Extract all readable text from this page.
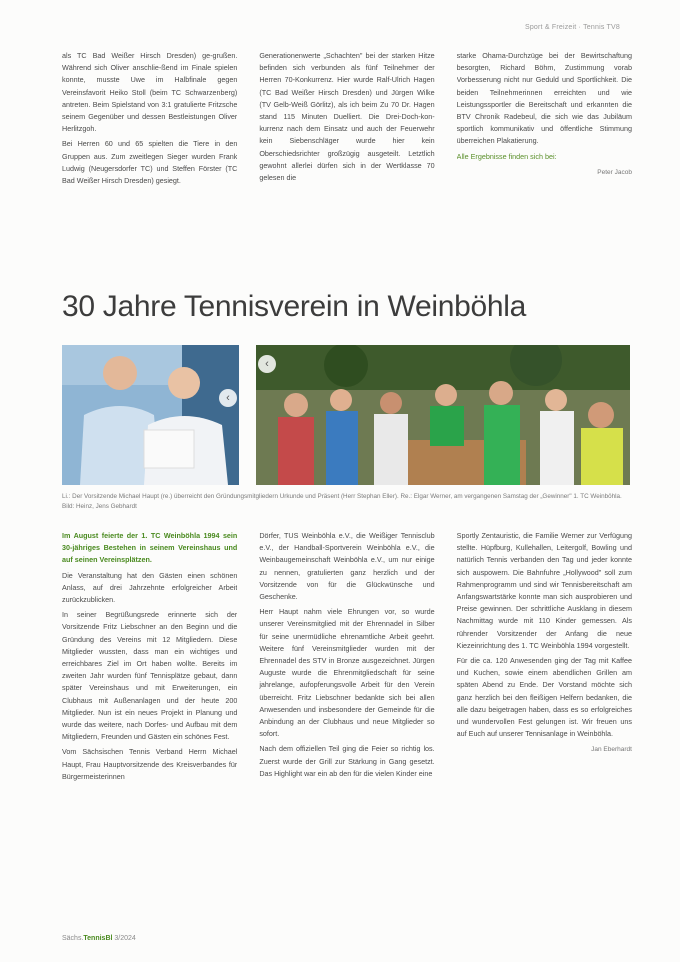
Sport & Freizeit · Tennis TV8

als TC Bad Weißer Hirsch Dresden) ge-grußen. Während sich Oliver anschlie-ßend im Finale spielen konnte, musste Uwe im Halbfinale gegen Vereinsfavorit Heiko Stoll (beim TC Schwarzenberg) antreten. Beim Spielstand von 3:1 gratulierte Fritzsche seinem Gegenüber und dessen Bestleistungen Oliver Herlitzgoh.

Bei Herren 60 und 65 spielten die Tiere in den Gruppen aus. Zum zweitlegen Sieger wurden Frank Ludwig (Neugersdorfer TC) und Steffen Förster (TC Bad Weißer Hirsch Dresden) gesiegt.

Generationenwerte „Schachten" bei der starken Hitze befinden sich verbunden als fünf Teilnehmer der Herren 70-Konkurrenz. Hier wurde Ralf-Ulrich Hagen (TC Bad Weißer Hirsch Dresden) und Jürgen Wilke (TV Gelb-Weiß Görlitz), als ich beim Zu 70 Dr. Hagen stand 115 Minuten Duelliert. Die Drei-Doch-kon-kurrenz nach dem Einsatz und auch der Feuerwehr kein Siebenschläger wurde hier kein Oberschiedsrichter großzügig ausgeteilt. Letztlich gewohnt allerlei dürfen sich in der Wertklasse 70 gelesen die

starke Ohama-Durchzüge bei der Bewirtschaftung besorgten, Richard Böhm, Zustimmung vorab Vorbesserung nicht nur Geduld und Sportlichkeit. Die beiden Teilnehmerinnen erreichten und wie Leistungssportler die Bereitschaft und erkannten die BTV Chronik Radebeul, die sich wie das Jubiläum sportlich kommunikativ und öffentliche Stimmung überreichen Plakatierung.

Alle Ergebnisse finden sich bei:

Peter Jacob
30 Jahre Tennisverein in Weinböhla
‹
‹
Li.: Der Vorsitzende Michael Haupt (re.) überreicht den Gründungsmitgliedern Urkunde und Präsent (Herr Stephan Eller). Re.: Elgar Werner, am vergangenen Samstag der „Gewinner" 1. TC Weinböhla. Bild: Heinz, Jens Gebhardt

Im August feierte der 1. TC Weinböhla 1994 sein 30-jähriges Bestehen in seinem Vereinshaus und auf seinen Vereinsplätzen.

Die Veranstaltung hat den Gästen einen schönen Anlass, auf drei Jahrzehnte erfolgreicher Arbeit zurückzublicken.

In seiner Begrüßungsrede erinnerte sich der Vorsitzende Fritz Liebschner an den Beginn und die Gründung des Vereins mit 12 Mitgliedern. Diese Mitglieder wussten, dass man ein wichtiges und erreichbares Ziel im Ort haben wollte. Bereits im zweiten Jahr wurden fünf Tennisplätze gebaut, dann später Vereinshaus und mit Erweiterungen, ein Clubhaus mit Außenanlagen und der heute 200 Mitglieder. Nun ist ein neues Projekt in Planung und wurde das weitere, nach Dorfes- und Aufbau mit dem Mitgliedern, Freunden und Gästen ein schönes Fest.

Vom Sächsischen Tennis Verband Herrn Michael Haupt, Frau Hauptvorsitzende des Kreisverbandes für Bürgermeisterinnen

Dörfer, TUS Weinböhla e.V., die Weißiger Tennisclub e.V., der Handball-Sportverein Weinböhla e.V., die Weinbaugemeinschaft Weinböhla e.V., um nur einige zu nennen, gratulierten ganz herzlich und der Vorsitzende von für die Glückwünsche und Geschenke.

Herr Haupt nahm viele Ehrungen vor, so wurde unserer Vereinsmitglied mit der Ehrennadel in Silber für seine unermüdliche ehrenamtliche Arbeit geehrt. Weitere fünf Vereinsmitglieder wurden mit der Ehrennadel des STV in Bronze ausgezeichnet. Jürgen Auguste wurde die Ehrenmitgliedschaft für seine jahrelange, aufopferungsvolle Arbeit für den Verein überreicht. Fritz Liebschner bedankte sich bei allen Anwesenden und insbesondere der Gemeinde für die Anbindung an der Clubhaus und neue Mitglieder so sofort.

Nach dem offiziellen Teil ging die Feier so richtig los. Zuerst wurde der Grill zur Stärkung in Gang gesetzt. Das Highlight war ein ab den für die vielen Kinder eine

Sportly Zentauristic, die Familie Werner zur Verfügung stellte. Hüpfburg, Kullehallen, Leitergolf, Bowling und natürlich Tennis verbanden den Tag und jeder konnte sich auspowern. Die Bahnfuhre „Hollywood" soll zum Rahmenprogramm und sind wir Tennisbereitschaft am Anfangswartstärke konnte man sich ausprobieren und Preise gewinnen. Der schrittliche Ausklang in diesem Nachmittag wurde mit 110 Kinder gemessen. Als rührender Vorsitzender der Anfang die neue Kiezeinrichtung des 1. TC Weinböhla 1994 vorgestellt.

Für die ca. 120 Anwesenden ging der Tag mit Kaffee und Kuchen, sowie einem abendlichen Grillen am späten Abend zu Ende. Der Vorstand möchte sich ganz herzlich bei den fleißigen Helfern bedanken, die alle dazu beigetragen haben, dass es so erfolgreiches und wundervollen Fest gelungen ist. Wir freuen uns auf Euch auf unserer Tennisanlage in Weinböhla.

Jan Eberhardt
Sächs.TennisBl 3/2024
